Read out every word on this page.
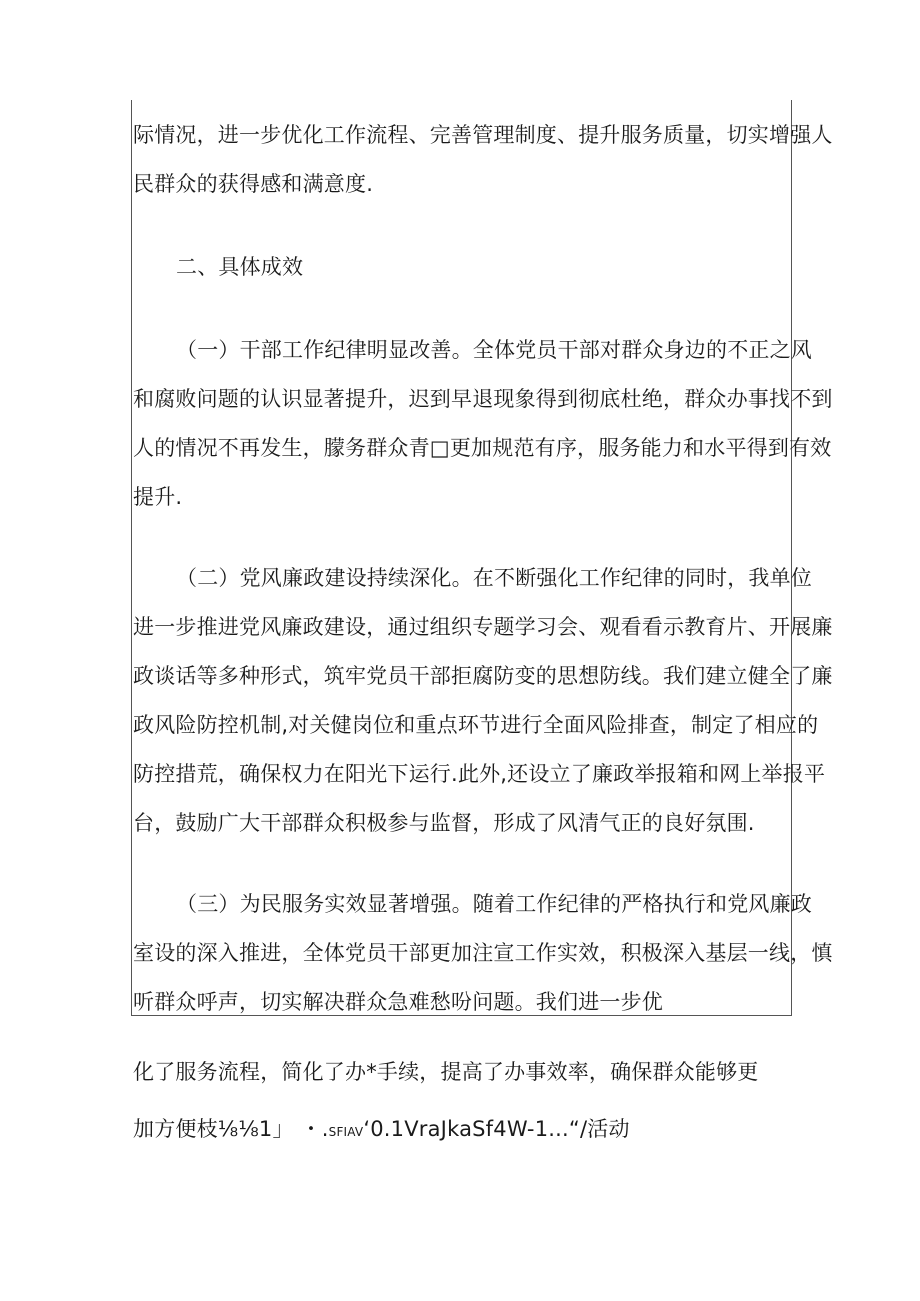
际情况，进一步优化工作流程、完善管理制度、提升服务质量，切实增强人
民群众的获得感和满意度.
二、具体成效
（一）干部工作纪律明显改善。全体党员干部对群众身边的不正之风
和腐败问题的认识显著提升，迟到早退现象得到彻底杜绝，群众办事找不到
人的情况不再发生，朦务群众青□更加规范有序，服务能力和水平得到有效
提升.
（二）党风廉政建设持续深化。在不断强化工作纪律的同时，我单位
进一步推进党风廉政建设，通过组织专题学习会、观看看示教育片、开展廉
政谈话等多种形式，筑牢党员干部拒腐防变的思想防线。我们建立健全了廉
政风险防控机制,对关健岗位和重点环节进行全面风险排查，制定了相应的
防控措荒，确保权力在阳光下运行.此外,还设立了廉政举报箱和网上举报平
台，鼓励广大干部群众积极参与监督，形成了风清气正的良好氛围.
（三）为民服务实效显著增强。随着工作纪律的严格执行和党风廉政
室设的深入推进，全体党员干部更加注宣工作实效，积极深入基层一线，慎
听群众呼声，切实解决群众急难愁吩问题。我们进一步优
化了服务流程，简化了办*手续，提高了办事效率，确保群众能够更
加方便枝⅛⅛1」 ・.SFIAV‘0.1VraJkaSf4W-1...“/活动
